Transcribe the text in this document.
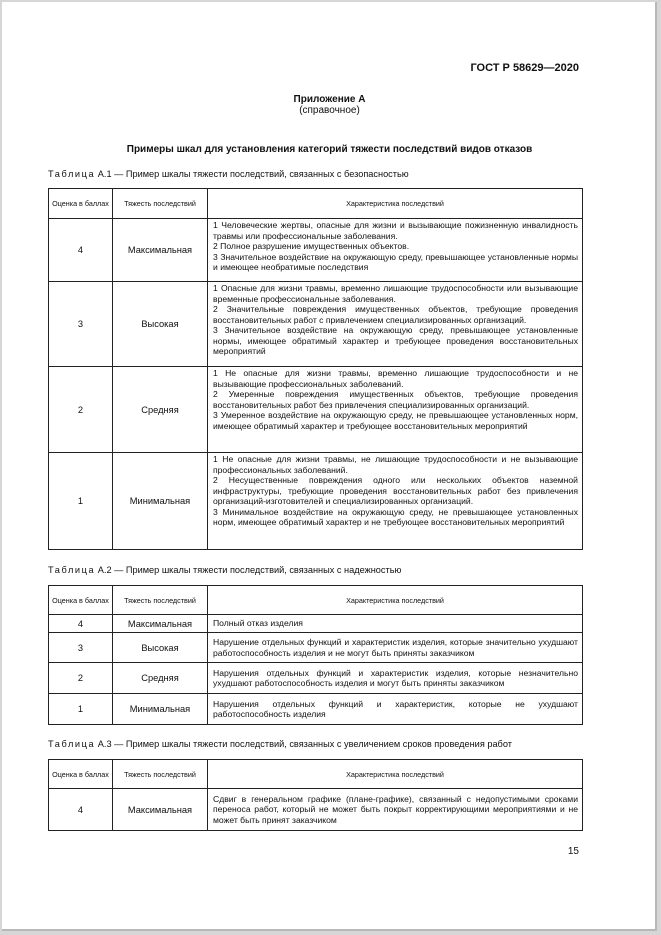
ГОСТ Р 58629—2020
Приложение А
(справочное)
Примеры шкал для установления категорий тяжести последствий видов отказов
Таблица А.1 — Пример шкалы тяжести последствий, связанных с безопасностью
Оценка в баллах	Тяжесть последствий	Характеристика последствий
4	Максимальная	1 Человеческие жертвы, опасные для жизни и вызывающие пожизненную инвалидность травмы или профессиональные заболевания.
2 Полное разрушение имущественных объектов.
3 Значительное воздействие на окружающую среду, превышающее установленные нормы и имеющее необратимые последствия

3	Высокая	1 Опасные для жизни травмы, временно лишающие трудоспособности или вызывающие временные профессиональные заболевания.
2 Значительные повреждения имущественных объектов, требующие проведения восстановительных работ с привлечением специализированных организаций.
3 Значительное воздействие на окружающую среду, превышающее установленные нормы, имеющее обратимый характер и требующее проведения восстановительных мероприятий

2	Средняя	1 Не опасные для жизни травмы, временно лишающие трудоспособности и не вызывающие профессиональных заболеваний.
2 Умеренные повреждения имущественных объектов, требующие проведения восстановительных работ без привлечения специализированных организаций.
3 Умеренное воздействие на окружающую среду, не превышающее установленных норм, имеющее обратимый характер и требующее восстановительных мероприятий

1	Минимальная	1 Не опасные для жизни травмы, не лишающие трудоспособности и не вызывающие профессиональных заболеваний.
2 Несущественные повреждения одного или нескольких объектов наземной инфраструктуры, требующие проведения восстановительных работ без привлечения организаций-изготовителей и специализированных организаций.
3 Минимальное воздействие на окружающую среду, не превышающее установленных норм, имеющее обратимый характер и не требующее восстановительных мероприятий
Таблица А.2 — Пример шкалы тяжести последствий, связанных с надежностью
Оценка в баллах	Тяжесть последствий	Характеристика последствий
4	Максимальная	Полный отказ изделия

3	Высокая	Нарушение отдельных функций и характеристик изделия, которые значительно ухудшают работоспособность изделия и не могут быть приняты заказчиком

2	Средняя	Нарушения отдельных функций и характеристик изделия, которые незначительно ухудшают работоспособность изделия и могут быть приняты заказчиком

1	Минимальная	Нарушения отдельных функций и характеристик, которые не ухудшают работоспособность изделия
Таблица А.3 — Пример шкалы тяжести последствий, связанных с увеличением сроков проведения работ
Оценка в баллах	Тяжесть последствий	Характеристика последствий
4	Максимальная	Сдвиг в генеральном графике (плане-графике), связанный с недопустимыми сроками переноса работ, который не может быть покрыт корректирующими мероприятиями и не может быть принят заказчиком
15
